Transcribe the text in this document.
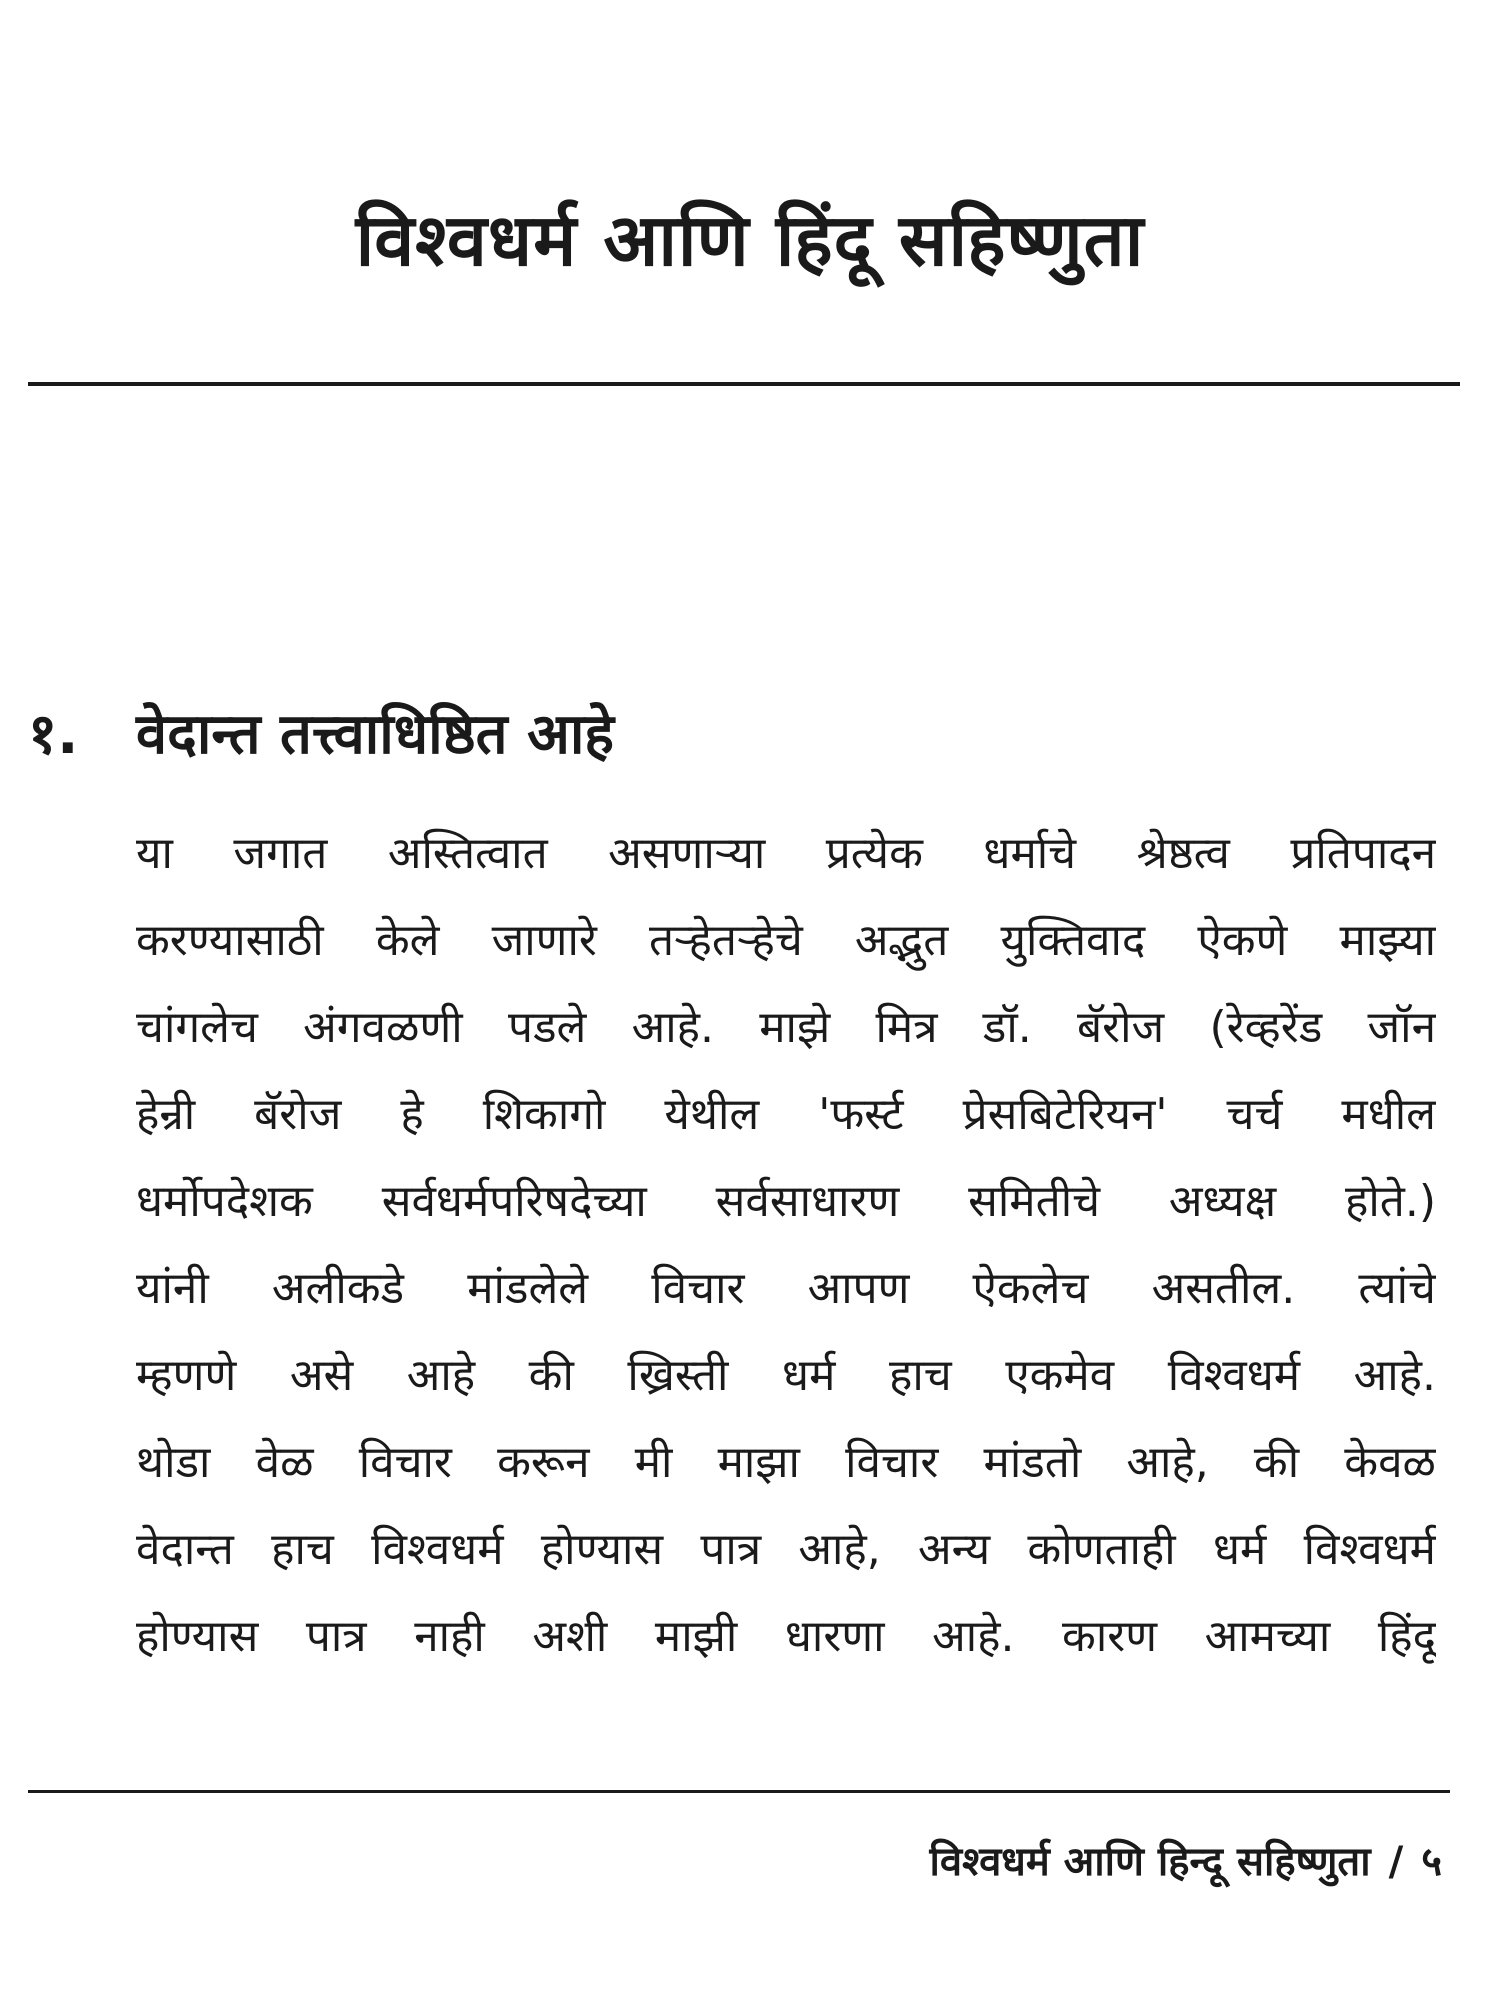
विश्वधर्म आणि हिंदू सहिष्णुता
१. वेदान्त तत्त्वाधिष्ठित आहे
या जगात अस्तित्वात असणाऱ्या प्रत्येक धर्माचे श्रेष्ठत्व प्रतिपादन
करण्यासाठी केले जाणारे तऱ्हेतऱ्हेचे अद्भुत युक्तिवाद ऐकणे माझ्या
चांगलेच अंगवळणी पडले आहे. माझे मित्र डॉ. बॅरोज (रेव्हरेंड जॉन
हेन्री बॅरोज हे शिकागो येथील 'फर्स्ट प्रेसबिटेरियन' चर्च मधील
धर्मोपदेशक सर्वधर्मपरिषदेच्या सर्वसाधारण समितीचे अध्यक्ष होते.)
यांनी अलीकडे मांडलेले विचार आपण ऐकलेच असतील. त्यांचे
म्हणणे असे आहे की ख्रिस्ती धर्म हाच एकमेव विश्वधर्म आहे.
थोडा वेळ विचार करून मी माझा विचार मांडतो आहे, की केवळ
वेदान्त हाच विश्वधर्म होण्यास पात्र आहे, अन्य कोणताही धर्म विश्वधर्म
होण्यास पात्र नाही अशी माझी धारणा आहे. कारण आमच्या हिंदू
विश्वधर्म आणि हिन्दू सहिष्णुता / ५
